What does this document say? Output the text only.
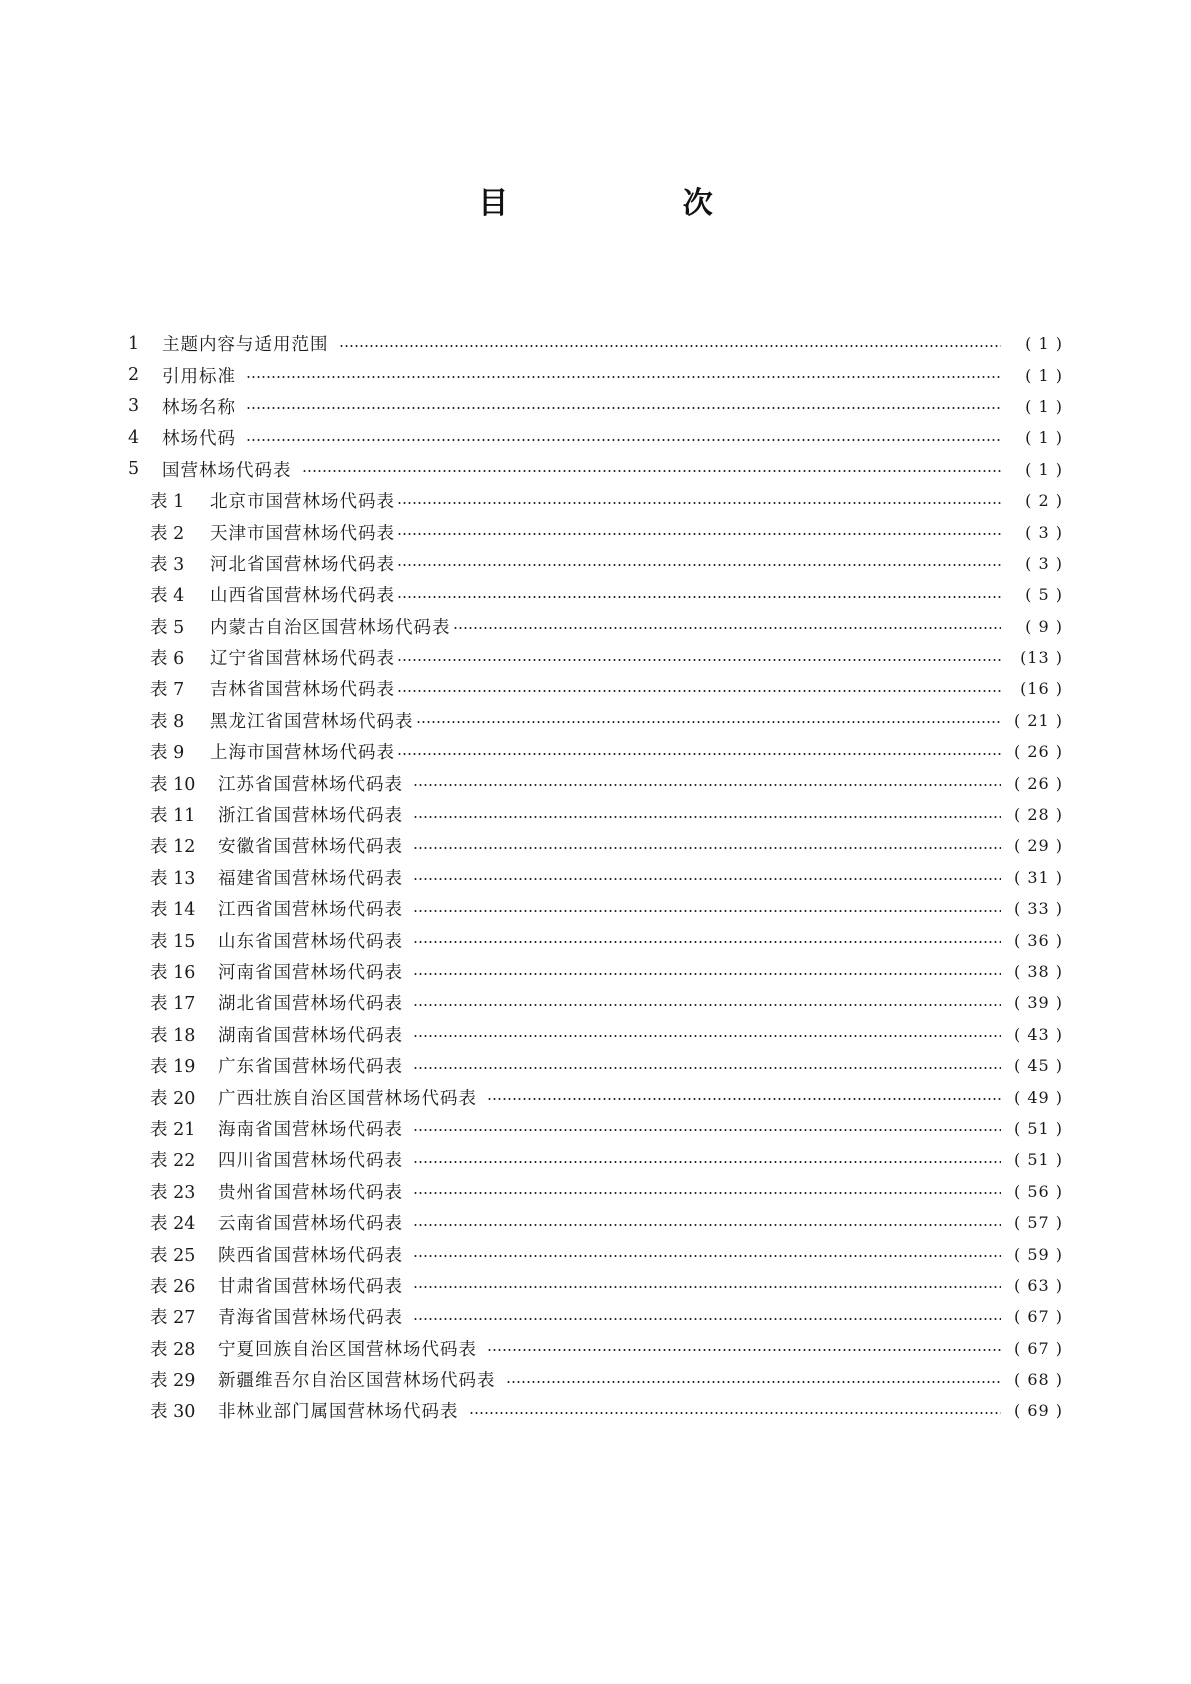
目 次
1	主题内容与适用范围	( 1 )
2	引用标准	( 1 )
3	林场名称	( 1 )
4	林场代码	( 1 )
5	国营林场代码表	( 1 )
表 1	北京市国营林场代码表	( 2 )
表 2	天津市国营林场代码表	( 3 )
表 3	河北省国营林场代码表	( 3 )
表 4	山西省国营林场代码表	( 5 )
表 5	内蒙古自治区国营林场代码表	( 9 )
表 6	辽宁省国营林场代码表	(13 )
表 7	吉林省国营林场代码表	(16 )
表 8	黑龙江省国营林场代码表	( 21 )
表 9	上海市国营林场代码表	( 26 )
表 10	江苏省国营林场代码表	( 26 )
表 11	浙江省国营林场代码表	( 28 )
表 12	安徽省国营林场代码表	( 29 )
表 13	福建省国营林场代码表	( 31 )
表 14	江西省国营林场代码表	( 33 )
表 15	山东省国营林场代码表	( 36 )
表 16	河南省国营林场代码表	( 38 )
表 17	湖北省国营林场代码表	( 39 )
表 18	湖南省国营林场代码表	( 43 )
表 19	广东省国营林场代码表	( 45 )
表 20	广西壮族自治区国营林场代码表	( 49 )
表 21	海南省国营林场代码表	( 51 )
表 22	四川省国营林场代码表	( 51 )
表 23	贵州省国营林场代码表	( 56 )
表 24	云南省国营林场代码表	( 57 )
表 25	陕西省国营林场代码表	( 59 )
表 26	甘肃省国营林场代码表	( 63 )
表 27	青海省国营林场代码表	( 67 )
表 28	宁夏回族自治区国营林场代码表	( 67 )
表 29	新疆维吾尔自治区国营林场代码表	( 68 )
表 30	非林业部门属国营林场代码表	( 69 )
